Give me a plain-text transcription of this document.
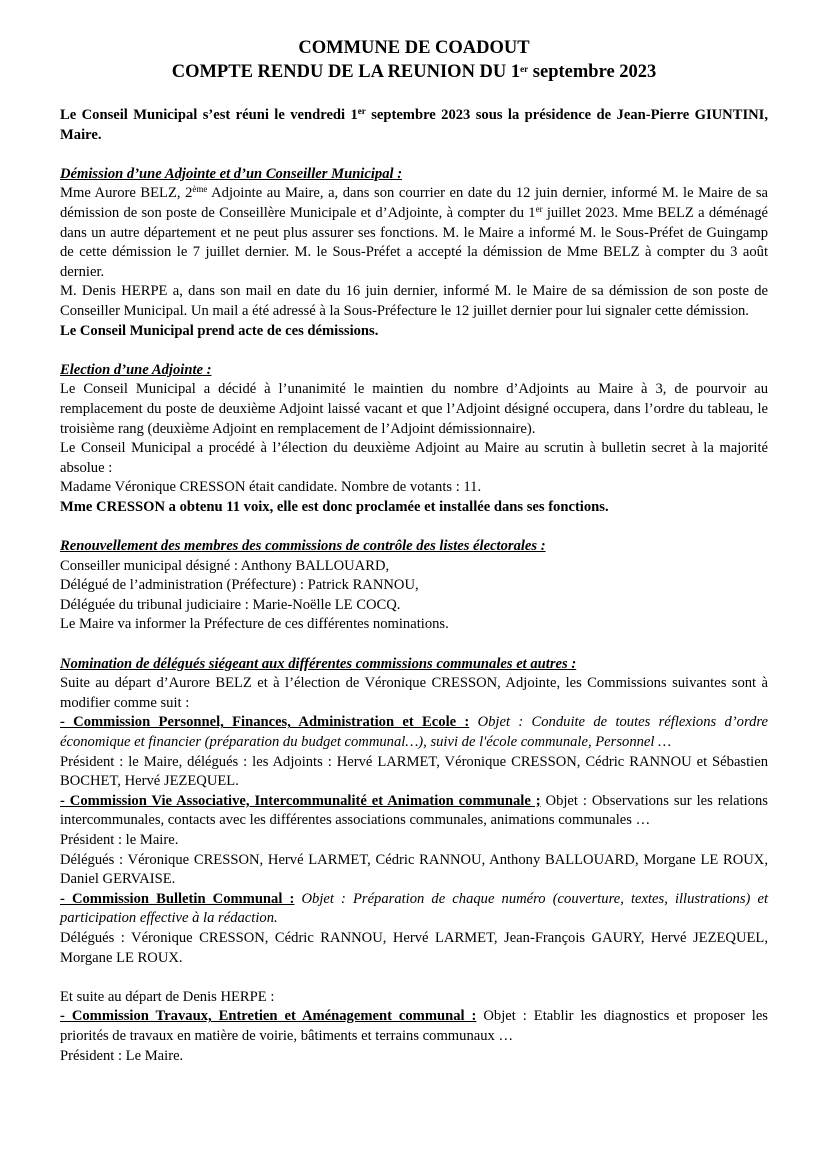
COMMUNE DE COADOUT
COMPTE RENDU DE LA REUNION DU 1er septembre 2023

Le Conseil Municipal s’est réuni le vendredi 1er septembre 2023 sous la présidence de Jean-Pierre GIUNTINI, Maire.

Démission d’une Adjointe et d’un Conseiller Municipal :

Mme Aurore BELZ, 2ème Adjointe au Maire, a, dans son courrier en date du 12 juin dernier, informé M. le Maire de sa démission de son poste de Conseillère Municipale et d’Adjointe, à compter du 1er juillet 2023. Mme BELZ a déménagé dans un autre département et ne peut plus assurer ses fonctions. M. le Maire a informé M. le Sous-Préfet de Guingamp de cette démission le 7 juillet dernier. M. le Sous-Préfet a accepté la démission de Mme BELZ à compter du 3 août dernier.

M. Denis HERPE a, dans son mail en date du 16 juin dernier, informé M. le Maire de sa démission de son poste de Conseiller Municipal. Un mail a été adressé à la Sous-Préfecture le 12 juillet dernier pour lui signaler cette démission.

Le Conseil Municipal prend acte de ces démissions.

Election d’une Adjointe :

Le Conseil Municipal a décidé à l’unanimité le maintien du nombre d’Adjoints au Maire à 3, de pourvoir au remplacement du poste de deuxième Adjoint laissé vacant et que l’Adjoint désigné occupera, dans l’ordre du tableau, le troisième rang (deuxième Adjoint en remplacement de l’Adjoint démissionnaire).

Le Conseil Municipal a procédé à l’élection du deuxième Adjoint au Maire au scrutin à bulletin secret à la majorité absolue :

Madame Véronique CRESSON était candidate. Nombre de votants : 11.

Mme CRESSON a obtenu 11 voix, elle est donc proclamée et installée dans ses fonctions.

Renouvellement des membres des commissions de contrôle des listes électorales :

Conseiller municipal désigné : Anthony BALLOUARD,

Délégué de l’administration (Préfecture) : Patrick RANNOU,

Déléguée du tribunal judiciaire : Marie-Noëlle LE COCQ.

Le Maire va informer la Préfecture de ces différentes nominations.

Nomination de délégués siégeant aux différentes commissions communales et autres :

Suite au départ d’Aurore BELZ et à l’élection de Véronique CRESSON, Adjointe, les Commissions suivantes sont à modifier comme suit :

- Commission Personnel, Finances, Administration et Ecole : Objet : Conduite de toutes réflexions d’ordre économique et financier (préparation du budget communal…), suivi de l'école communale, Personnel …

Président : le Maire, délégués : les Adjoints : Hervé LARMET, Véronique CRESSON, Cédric RANNOU et Sébastien BOCHET, Hervé JEZEQUEL.

- Commission Vie Associative, Intercommunalité et Animation communale ; Objet : Observations sur les relations intercommunales, contacts avec les différentes associations communales, animations communales …

Président : le Maire.

Délégués : Véronique CRESSON, Hervé LARMET, Cédric RANNOU, Anthony BALLOUARD, Morgane LE ROUX, Daniel GERVAISE.

- Commission Bulletin Communal : Objet : Préparation de chaque numéro (couverture, textes, illustrations) et participation effective à la rédaction.

Délégués : Véronique CRESSON, Cédric RANNOU, Hervé LARMET, Jean-François GAURY, Hervé JEZEQUEL, Morgane LE ROUX.

Et suite au départ de Denis HERPE :

- Commission Travaux, Entretien et Aménagement communal : Objet : Etablir les diagnostics et proposer les priorités de travaux en matière de voirie, bâtiments et terrains communaux …

Président : Le Maire.
